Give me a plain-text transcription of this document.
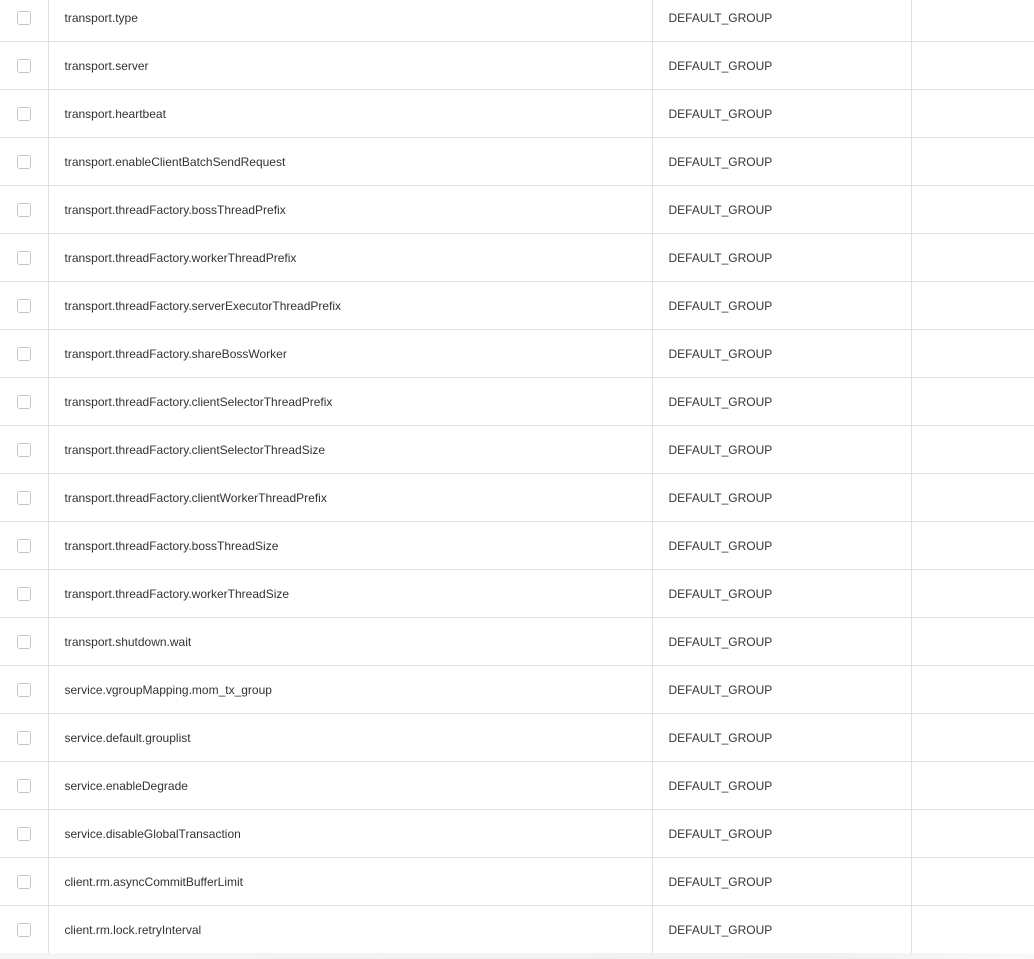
	transport.type	DEFAULT_GROUP	
	transport.server	DEFAULT_GROUP	
	transport.heartbeat	DEFAULT_GROUP	
	transport.enableClientBatchSendRequest	DEFAULT_GROUP	
	transport.threadFactory.bossThreadPrefix	DEFAULT_GROUP	
	transport.threadFactory.workerThreadPrefix	DEFAULT_GROUP	
	transport.threadFactory.serverExecutorThreadPrefix	DEFAULT_GROUP	
	transport.threadFactory.shareBossWorker	DEFAULT_GROUP	
	transport.threadFactory.clientSelectorThreadPrefix	DEFAULT_GROUP	
	transport.threadFactory.clientSelectorThreadSize	DEFAULT_GROUP	
	transport.threadFactory.clientWorkerThreadPrefix	DEFAULT_GROUP	
	transport.threadFactory.bossThreadSize	DEFAULT_GROUP	
	transport.threadFactory.workerThreadSize	DEFAULT_GROUP	
	transport.shutdown.wait	DEFAULT_GROUP	
	service.vgroupMapping.mom_tx_group	DEFAULT_GROUP	
	service.default.grouplist	DEFAULT_GROUP	
	service.enableDegrade	DEFAULT_GROUP	
	service.disableGlobalTransaction	DEFAULT_GROUP	
	client.rm.asyncCommitBufferLimit	DEFAULT_GROUP	
	client.rm.lock.retryInterval	DEFAULT_GROUP	
